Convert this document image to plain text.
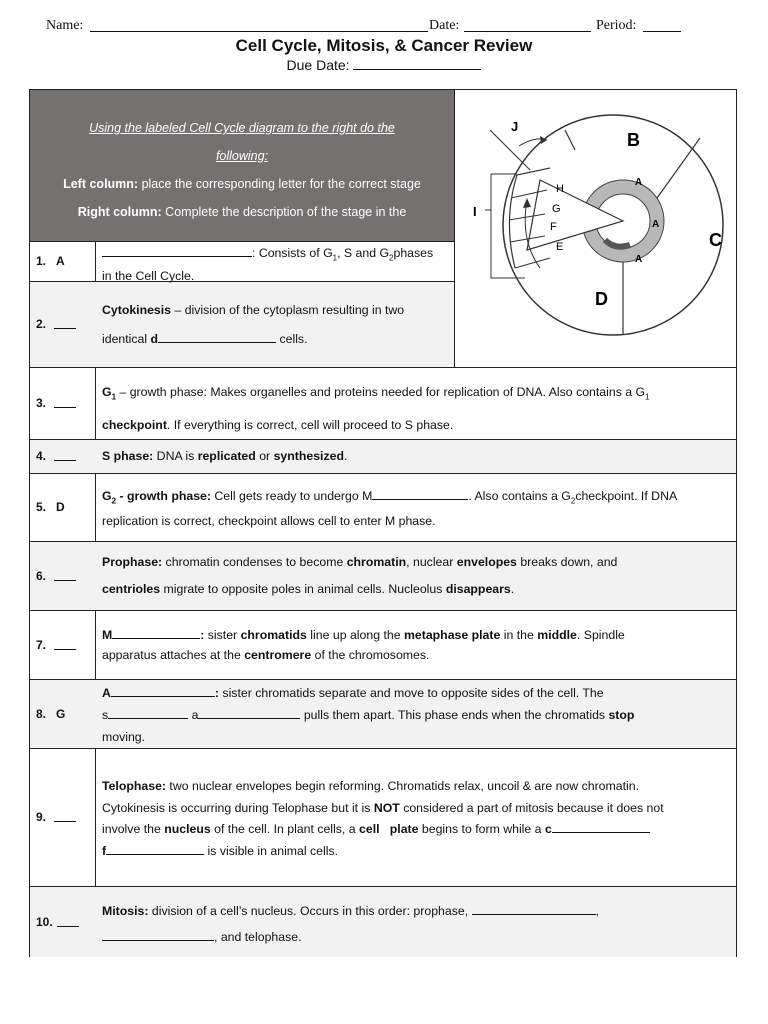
Name:	Date:	Period:
Cell Cycle, Mitosis, & Cancer Review
Due Date:
Using the labeled Cell Cycle diagram to the right do the
following:
Left column: place the corresponding letter for the correct stage
Right column: Complete the description of the stage in the
J
I
B
C
D
H
G
F
E
A
A
A
1. A
: Consists of $G_1$, S and $G_2phases$
in the Cell Cycle.
2.
Cytokinesis – division of the cytoplasm resulting in two
identical d	cells.
3.
$G_1$ – growth phase: Makes organelles and proteins needed for replication of DNA. Also contains a $G_1$
checkpoint. If everything is correct, cell will proceed to S phase.
4.	S phase: DNA is replicated or synthesized.
5. D
$G_2$ - growth phase: Cell gets ready to undergo M	. Also contains a $G_2checkpoint$. If DNA
replication is correct, checkpoint allows cell to enter M phase.
6.
Prophase: chromatin condenses to become chromatin, nuclear envelopes breaks down, and
centrioles migrate to opposite poles in animal cells. Nucleolus disappears.
7.
M	: sister chromatids line up along the metaphase plate in the middle. Spindle
apparatus attaches at the centromere of the chromosomes.
8. G
A	: sister chromatids separate and move to opposite sides of the cell. The
s	a	pulls them apart. This phase ends when the chromatids stop
moving.
9.
Telophase: two nuclear envelopes begin reforming. Chromatids relax, uncoil & are now chromatin.
Cytokinesis is occurring during Telophase but it is NOT considered a part of mitosis because it does not
involve the nucleus of the cell. In plant cells, a cell   plate begins to form while a c
f	is visible in animal cells.
10.
Mitosis: division of a cell’s nucleus. Occurs in this order: prophase,	,
, and telophase.
